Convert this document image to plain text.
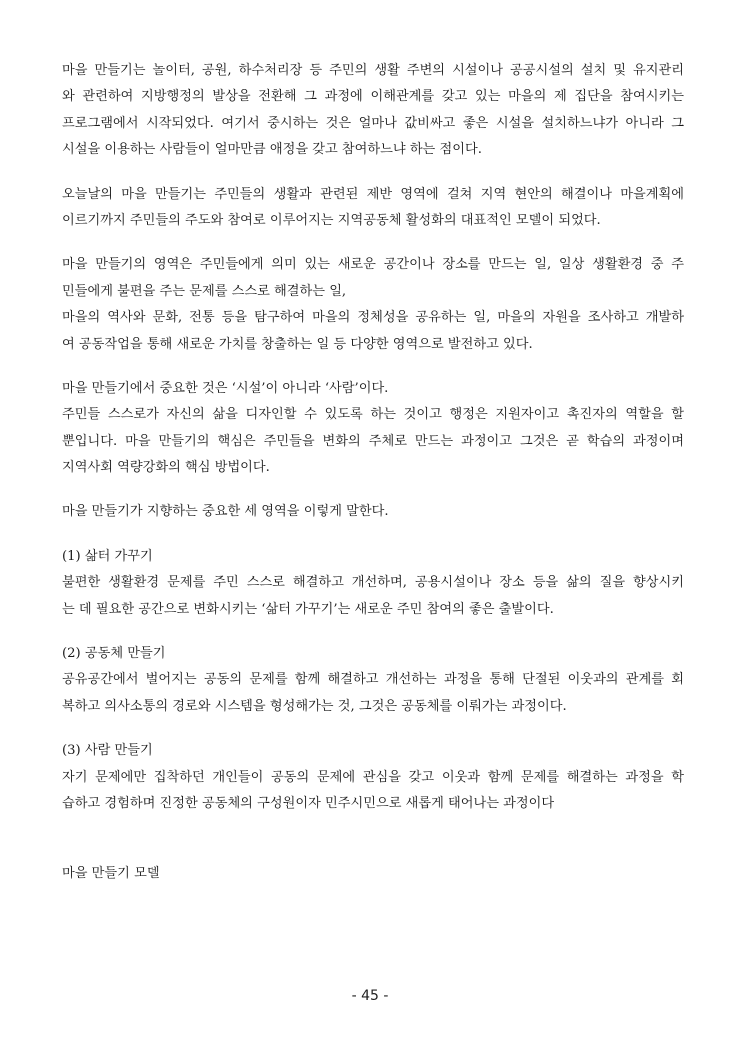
마을 만들기는 놀이터, 공원, 하수처리장 등 주민의 생활 주변의 시설이나 공공시설의 설치 및 유지관리
와 관련하여 지방행정의 발상을 전환해 그 과정에 이해관계를 갖고 있는 마을의 제 집단을 참여시키는
프로그램에서 시작되었다. 여기서 중시하는 것은 얼마나 값비싸고 좋은 시설을 설치하느냐가 아니라 그
시설을 이용하는 사람들이 얼마만큼 애정을 갖고 참여하느냐 하는 점이다.
오늘날의 마을 만들기는 주민들의 생활과 관련된 제반 영역에 걸쳐 지역 현안의 해결이나 마을계획에
이르기까지 주민들의 주도와 참여로 이루어지는 지역공동체 활성화의 대표적인 모델이 되었다.
마을 만들기의 영역은 주민들에게 의미 있는 새로운 공간이나 장소를 만드는 일, 일상 생활환경 중 주
민들에게 불편을 주는 문제를 스스로 해결하는 일,
마을의 역사와 문화, 전통 등을 탐구하여 마을의 정체성을 공유하는 일, 마을의 자원을 조사하고 개발하
여 공동작업을 통해 새로운 가치를 창출하는 일 등 다양한 영역으로 발전하고 있다.
마을 만들기에서 중요한 것은 ‘시설’이 아니라 ‘사람’이다.
주민들 스스로가 자신의 삶을 디자인할 수 있도록 하는 것이고 행정은 지원자이고 촉진자의 역할을 할
뿐입니다. 마을 만들기의 핵심은 주민들을 변화의 주체로 만드는 과정이고 그것은 곧 학습의 과정이며
지역사회 역량강화의 핵심 방법이다.
마을 만들기가 지향하는 중요한 세 영역을 이렇게 말한다.
(1) 삶터 가꾸기
불편한 생활환경 문제를 주민 스스로 해결하고 개선하며, 공용시설이나 장소 등을 삶의 질을 향상시키
는 데 필요한 공간으로 변화시키는 ‘삶터 가꾸기’는 새로운 주민 참여의 좋은 출발이다.
(2) 공동체 만들기
공유공간에서 벌어지는 공동의 문제를 함께 해결하고 개선하는 과정을 통해 단절된 이웃과의 관계를 회
복하고 의사소통의 경로와 시스템을 형성해가는 것, 그것은 공동체를 이뤄가는 과정이다.
(3) 사람 만들기
자기 문제에만 집착하던 개인들이 공동의 문제에 관심을 갖고 이웃과 함께 문제를 해결하는 과정을 학
습하고 경험하며 진정한 공동체의 구성원이자 민주시민으로 새롭게 태어나는 과정이다
마을 만들기 모델
- 45 -
